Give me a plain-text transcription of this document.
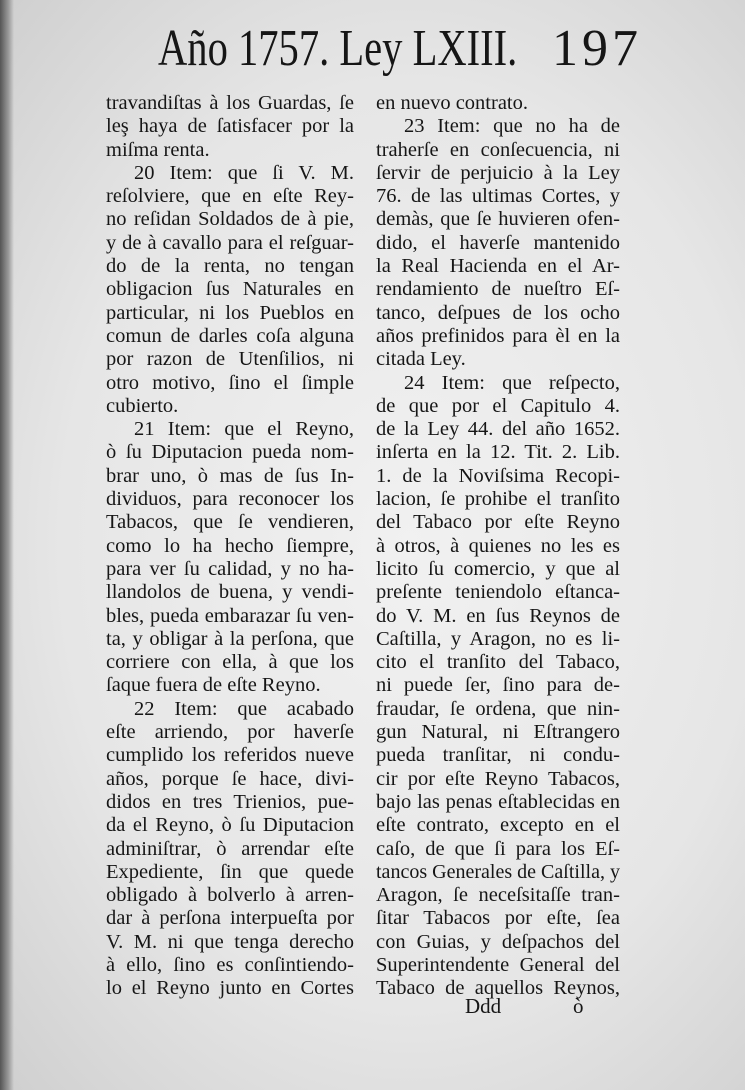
Año 1757. Ley LXIII. 197
travandiſtas à los Guardas, ſe
leş haya de ſatisfacer por la
miſma renta.
20 Item: que ſi V. M.
reſolviere, que en eſte Rey-
no reſidan Soldados de à pie,
y de à cavallo para el reſguar-
do de la renta, no tengan
obligacion ſus Naturales en
particular, ni los Pueblos en
comun de darles coſa alguna
por razon de Utenſilios, ni
otro motivo, ſino el ſimple
cubierto.
21 Item: que el Reyno,
ò ſu Diputacion pueda nom-
brar uno, ò mas de ſus In-
dividuos, para reconocer los
Tabacos, que ſe vendieren,
como lo ha hecho ſiempre,
para ver ſu calidad, y no ha-
llandolos de buena, y vendi-
bles, pueda embarazar ſu ven-
ta, y obligar à la perſona, que
corriere con ella, à que los
ſaque fuera de eſte Reyno.
22 Item: que acabado
eſte arriendo, por haverſe
cumplido los referidos nueve
años, porque ſe hace, divi-
didos en tres Trienios, pue-
da el Reyno, ò ſu Diputacion
adminiſtrar, ò arrendar eſte
Expediente, ſin que quede
obligado à bolverlo à arren-
dar à perſona interpueſta por
V. M. ni que tenga derecho
à ello, ſino es conſintiendo-
lo el Reyno junto en Cortes
en nuevo contrato.
23 Item: que no ha de
traherſe en conſecuencia, ni
ſervir de perjuicio à la Ley
76. de las ultimas Cortes, y
demàs, que ſe huvieren ofen-
dido, el haverſe mantenido
la Real Hacienda en el Ar-
rendamiento de nueſtro Eſ-
tanco, deſpues de los ocho
años prefinidos para èl en la
citada Ley.
24 Item: que reſpecto,
de que por el Capitulo 4.
de la Ley 44. del año 1652.
inſerta en la 12. Tit. 2. Lib.
1. de la Noviſsima Recopi-
lacion, ſe prohibe el tranſito
del Tabaco por eſte Reyno
à otros, à quienes no les es
licito ſu comercio, y que al
preſente teniendolo eſtanca-
do V. M. en ſus Reynos de
Caſtilla, y Aragon, no es li-
cito el tranſito del Tabaco,
ni puede ſer, ſino para de-
fraudar, ſe ordena, que nin-
gun Natural, ni Eſtrangero
pueda tranſitar, ni condu-
cir por eſte Reyno Tabacos,
bajo las penas eſtablecidas en
eſte contrato, excepto en el
caſo, de que ſi para los Eſ-
tancos Generales de Caſtilla, y
Aragon, ſe neceſsitaſſe tran-
ſitar Tabacos por eſte, ſea
con Guias, y deſpachos del
Superintendente General del
Tabaco de aquellos Reynos,
Ddd	ò
